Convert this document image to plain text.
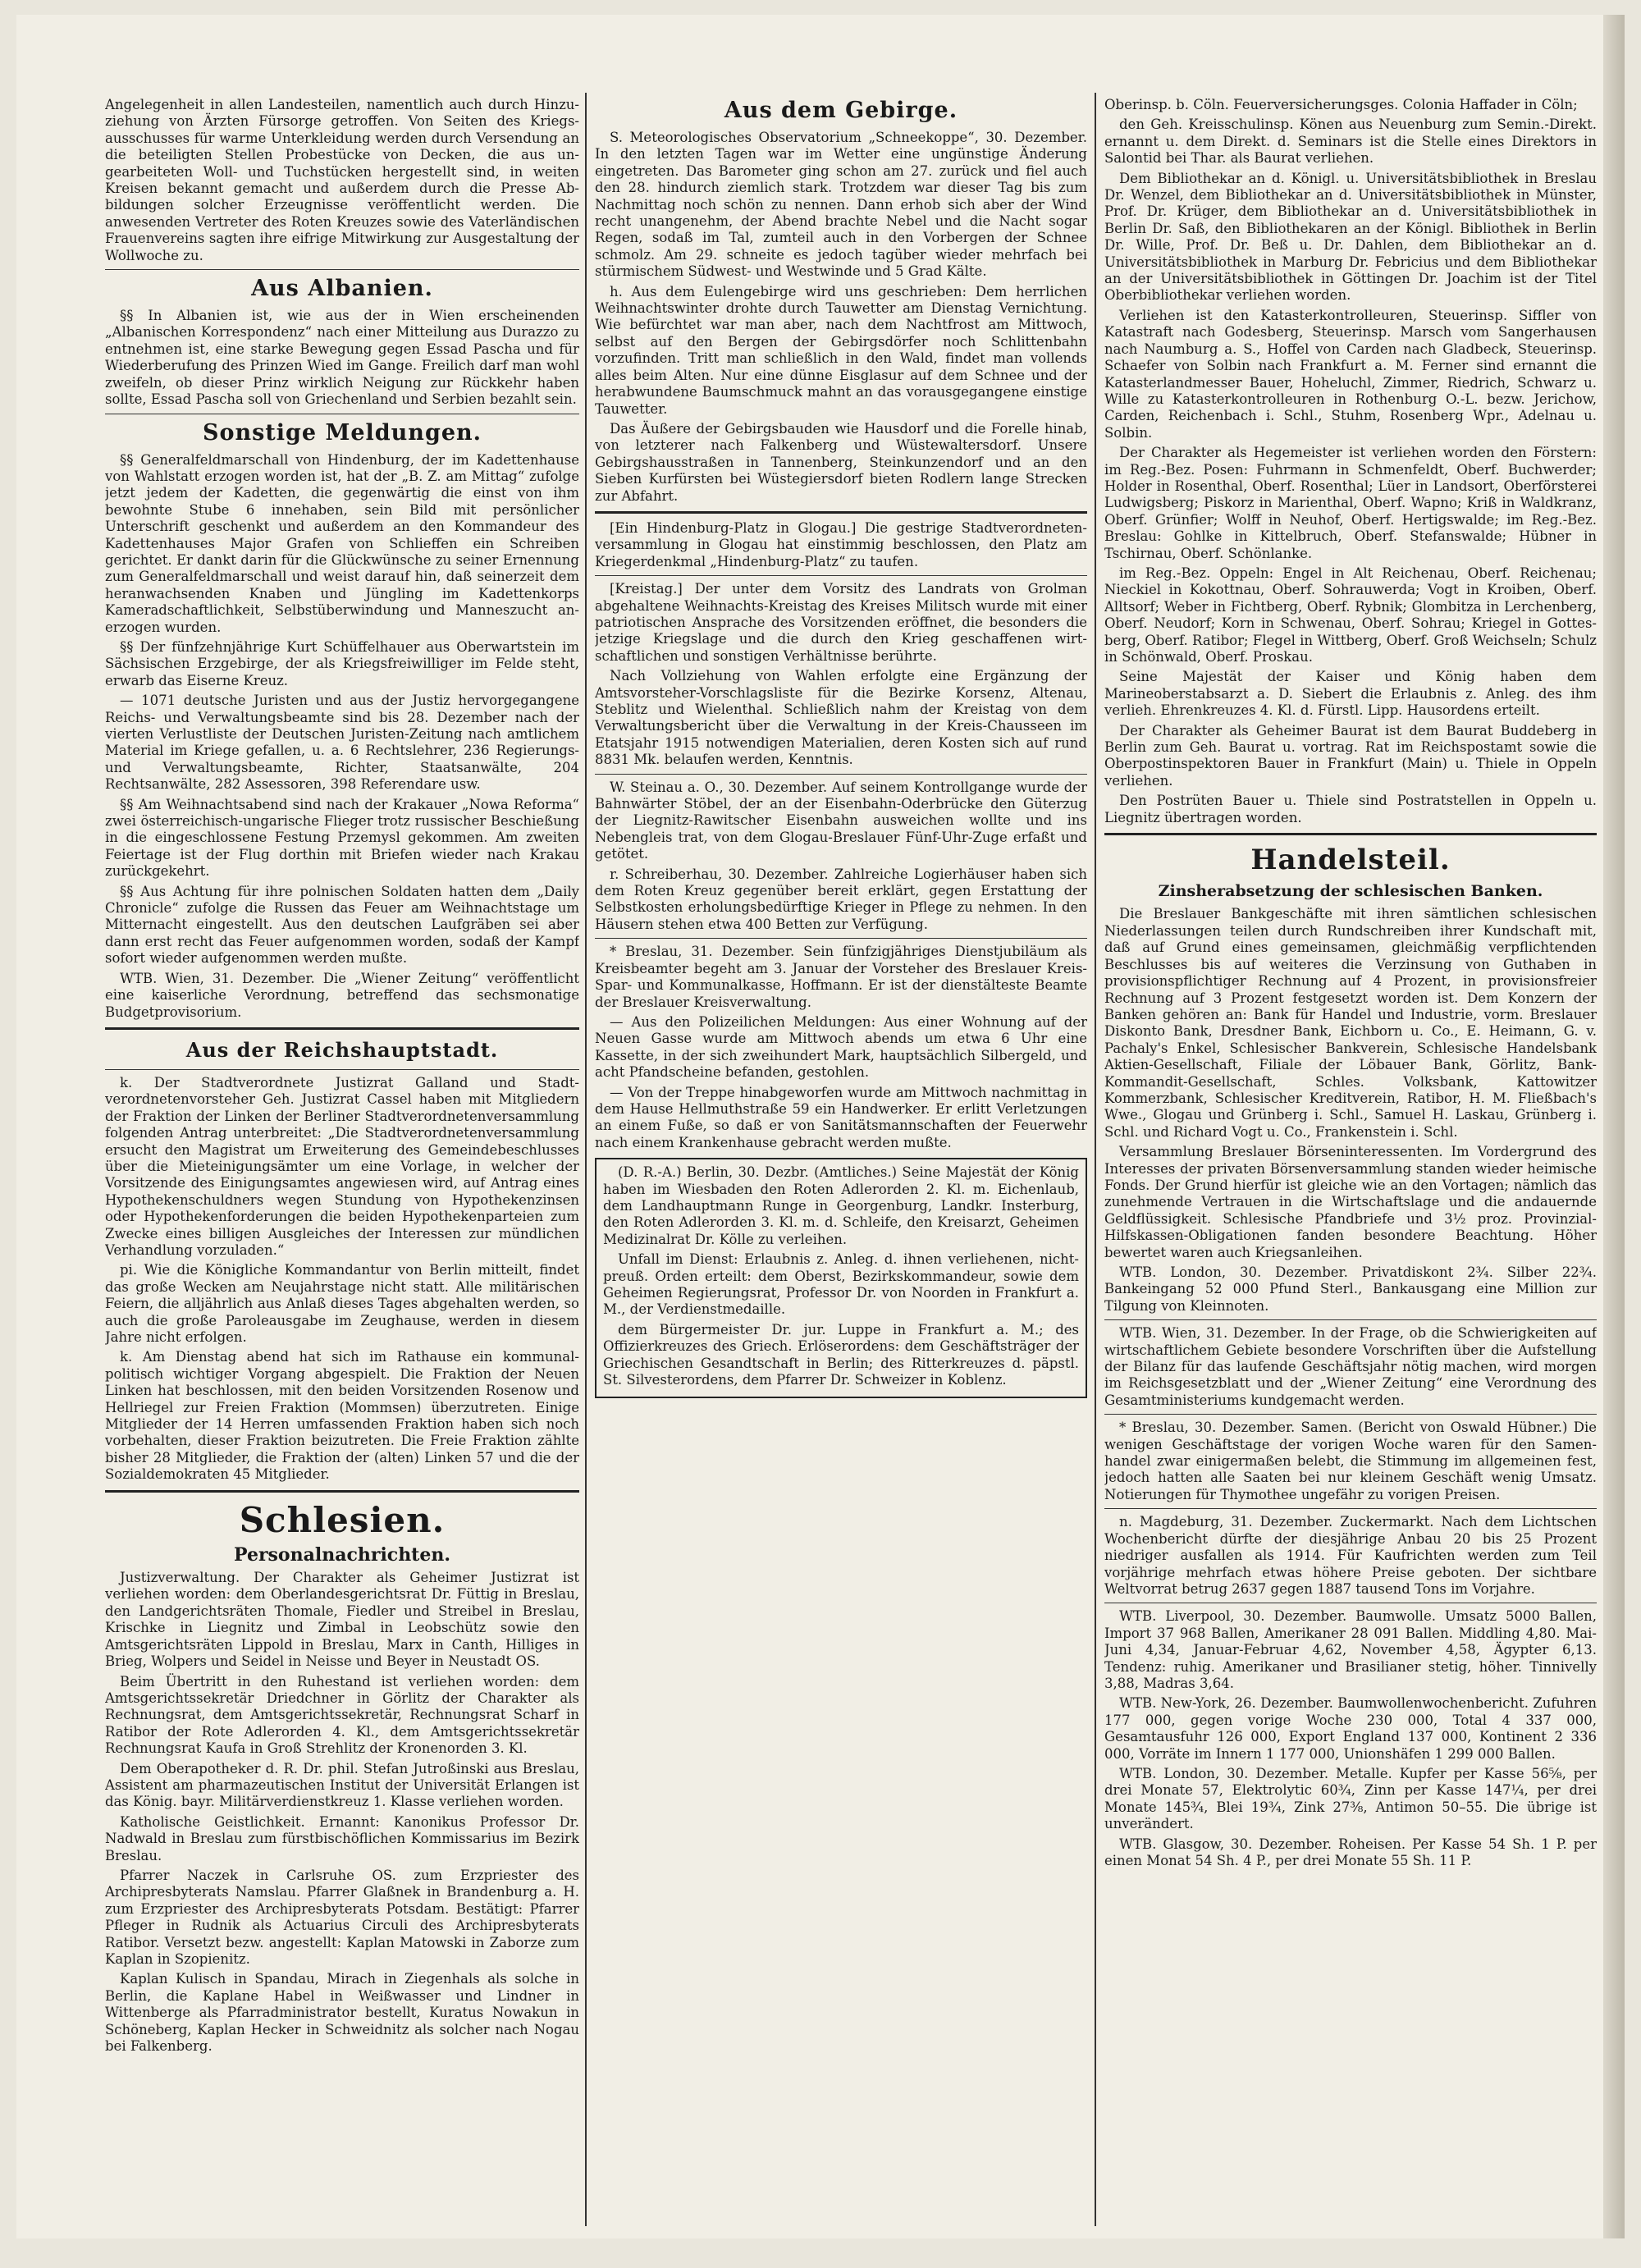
Angelegenheit in allen Landesteilen, namentlich auch durch Hinzuziehung von Ärzten Fürsorge getroffen. Von Seiten des Kriegsausschusses für warme Unterkleidung werden durch Versendung an die beteiligten Stellen Probestücke von Decken, die aus ungearbeiteten Woll- und Tuchstücken hergestellt sind, in weiten Kreisen bekannt gemacht und außerdem durch die Presse Abbildungen solcher Erzeugnisse veröffentlicht werden. Die anwesenden Vertreter des Roten Kreuzes sowie des Vaterländischen Frauenvereins sagten ihre eifrige Mitwirkung zur Ausgestaltung der Wollwoche zu.

Aus Albanien.

§§ In Albanien ist, wie aus der in Wien erscheinenden „Albanischen Korrespondenz“ nach einer Mitteilung aus Durazzo zu entnehmen ist, eine starke Bewegung gegen Essad Pascha und für Wiederberufung des Prinzen Wied im Gange. Freilich darf man wohl zweifeln, ob dieser Prinz wirklich Neigung zur Rückkehr haben sollte, Essad Pascha soll von Griechenland und Serbien bezahlt sein.

Sonstige Meldungen.

§§ Generalfeldmarschall von Hindenburg, der im Kadettenhause von Wahlstatt erzogen worden ist, hat der „B. Z. am Mittag“ zufolge jetzt jedem der Kadetten, die gegenwärtig die einst von ihm bewohnte Stube 6 innehaben, sein Bild mit persönlicher Unterschrift geschenkt und außerdem an den Kommandeur des Kadettenhauses Major Grafen von Schlieffen ein Schreiben gerichtet. Er dankt darin für die Glückwünsche zu seiner Ernennung zum Generalfeldmarschall und weist darauf hin, daß seinerzeit dem heranwachsenden Knaben und Jüngling im Kadettenkorps Kameradschaftlichkeit, Selbstüberwindung und Manneszucht anerzogen wurden.

§§ Der fünfzehnjährige Kurt Schüffelhauer aus Oberwartstein im Sächsischen Erzgebirge, der als Kriegsfreiwilliger im Felde steht, erwarb das Eiserne Kreuz.

— 1071 deutsche Juristen und aus der Justiz hervorgegangene Reichs- und Verwaltungsbeamte sind bis 28. Dezember nach der vierten Verlustliste der Deutschen Juristen-Zeitung nach amtlichem Material im Kriege gefallen, u. a. 6 Rechtslehrer, 236 Regierungs- und Verwaltungsbeamte, Richter, Staatsanwälte, 204 Rechtsanwälte, 282 Assessoren, 398 Referendare usw.

§§ Am Weihnachtsabend sind nach der Krakauer „Nowa Reforma“ zwei österreichisch-ungarische Flieger trotz russischer Beschießung in die eingeschlossene Festung Przemysl gekommen. Am zweiten Feiertage ist der Flug dorthin mit Briefen wieder nach Krakau zurückgekehrt.

§§ Aus Achtung für ihre polnischen Soldaten hatten dem „Daily Chronicle“ zufolge die Russen das Feuer am Weihnachtstage um Mitternacht eingestellt. Aus den deutschen Laufgräben sei aber dann erst recht das Feuer aufgenommen worden, sodaß der Kampf sofort wieder aufgenommen werden mußte.

WTB. Wien, 31. Dezember. Die „Wiener Zeitung“ veröffentlicht eine kaiserliche Verordnung, betreffend das sechsmonatige Budgetprovisorium.

Aus der Reichshauptstadt.

k. Der Stadtverordnete Justizrat Galland und Stadtverordnetenvorsteher Geh. Justizrat Cassel haben mit Mitgliedern der Fraktion der Linken der Berliner Stadtverordnetenversammlung folgenden Antrag unterbreitet: „Die Stadtverordnetenversammlung ersucht den Magistrat um Erweiterung des Gemeindebeschlusses über die Mieteinigungsämter um eine Vorlage, in welcher der Vorsitzende des Einigungsamtes angewiesen wird, auf Antrag eines Hypothekenschuldners wegen Stundung von Hypothekenzinsen oder Hypothekenforderungen die beiden Hypothekenparteien zum Zwecke eines billigen Ausgleiches der Interessen zur mündlichen Verhandlung vorzuladen.“

pi. Wie die Königliche Kommandantur von Berlin mitteilt, findet das große Wecken am Neujahrstage nicht statt. Alle militärischen Feiern, die alljährlich aus Anlaß dieses Tages abgehalten werden, so auch die große Paroleausgabe im Zeughause, werden in diesem Jahre nicht erfolgen.

k. Am Dienstag abend hat sich im Rathause ein kommunalpolitisch wichtiger Vorgang abgespielt. Die Fraktion der Neuen Linken hat beschlossen, mit den beiden Vorsitzenden Rosenow und Hellriegel zur Freien Fraktion (Mommsen) überzutreten. Einige Mitglieder der 14 Herren umfassenden Fraktion haben sich noch vorbehalten, dieser Fraktion beizutreten. Die Freie Fraktion zählte bisher 28 Mitglieder, die Fraktion der (alten) Linken 57 und die der Sozialdemokraten 45 Mitglieder.

Schlesien.
Personalnachrichten.

Justizverwaltung. Der Charakter als Geheimer Justizrat ist verliehen worden: dem Oberlandesgerichtsrat Dr. Füttig in Breslau, den Landgerichtsräten Thomale, Fiedler und Streibel in Breslau, Krischke in Liegnitz und Zimbal in Leobschütz sowie den Amtsgerichtsräten Lippold in Breslau, Marx in Canth, Hilliges in Brieg, Wolpers und Seidel in Neisse und Beyer in Neustadt OS.

Beim Übertritt in den Ruhestand ist verliehen worden: dem Amtsgerichtssekretär Driedchner in Görlitz der Charakter als Rechnungsrat, dem Amtsgerichtssekretär, Rechnungsrat Scharf in Ratibor der Rote Adlerorden 4. Kl., dem Amtsgerichtssekretär Rechnungsrat Kaufa in Groß Strehlitz der Kronenorden 3. Kl.

Dem Oberapotheker d. R. Dr. phil. Stefan Jutroßinski aus Breslau, Assistent am pharmazeutischen Institut der Universität Erlangen ist das König. bayr. Militärverdienstkreuz 1. Klasse verliehen worden.

Katholische Geistlichkeit. Ernannt: Kanonikus Professor Dr. Nadwald in Breslau zum fürstbischöflichen Kommissarius im Bezirk Breslau.

Pfarrer Naczek in Carlsruhe OS. zum Erzpriester des Archipresbyterats Namslau. Pfarrer Glaßnek in Brandenburg a. H. zum Erzpriester des Archipresbyterats Potsdam. Bestätigt: Pfarrer Pfleger in Rudnik als Actuarius Circuli des Archipresbyterats Ratibor. Versetzt bezw. angestellt: Kaplan Matowski in Zaborze zum Kaplan in Szopienitz.

Kaplan Kulisch in Spandau, Mirach in Ziegenhals als solche in Berlin, die Kaplane Habel in Weißwasser und Lindner in Wittenberge als Pfarradministrator bestellt, Kuratus Nowakun in Schöneberg, Kaplan Hecker in Schweidnitz als solcher nach Nogau bei Falkenberg.

Aus dem Gebirge.

S. Meteorologisches Observatorium „Schneekoppe“, 30. Dezember. In den letzten Tagen war im Wetter eine ungünstige Änderung eingetreten. Das Barometer ging schon am 27. zurück und fiel auch den 28. hindurch ziemlich stark. Trotzdem war dieser Tag bis zum Nachmittag noch schön zu nennen. Dann erhob sich aber der Wind recht unangenehm, der Abend brachte Nebel und die Nacht sogar Regen, sodaß im Tal, zumteil auch in den Vorbergen der Schnee schmolz. Am 29. schneite es jedoch tagüber wieder mehrfach bei stürmischem Südwest- und Westwinde und 5 Grad Kälte.

h. Aus dem Eulengebirge wird uns geschrieben: Dem herrlichen Weihnachtswinter drohte durch Tauwetter am Dienstag Vernichtung. Wie befürchtet war man aber, nach dem Nachtfrost am Mittwoch, selbst auf den Bergen der Gebirgsdörfer noch Schlittenbahn vorzufinden. Tritt man schließlich in den Wald, findet man vollends alles beim Alten. Nur eine dünne Eisglasur auf dem Schnee und der herabwundene Baumschmuck mahnt an das vorausgegangene einstige Tauwetter.

Das Äußere der Gebirgsbauden wie Hausdorf und die Forelle hinab, von letzterer nach Falkenberg und Wüstewaltersdorf. Unsere Gebirgshausstraßen in Tannenberg, Steinkunzendorf und an den Sieben Kurfürsten bei Wüstegiersdorf bieten Rodlern lange Strecken zur Abfahrt.

[Ein Hindenburg-Platz in Glogau.] Die gestrige Stadtverordnetenversammlung in Glogau hat einstimmig beschlossen, den Platz am Kriegerdenkmal „Hindenburg-Platz“ zu taufen.

[Kreistag.] Der unter dem Vorsitz des Landrats von Grolman abgehaltene Weihnachts-Kreistag des Kreises Militsch wurde mit einer patriotischen Ansprache des Vorsitzenden eröffnet, die besonders die jetzige Kriegslage und die durch den Krieg geschaffenen wirtschaftlichen und sonstigen Verhältnisse berührte.

Nach Vollziehung von Wahlen erfolgte eine Ergänzung der Amtsvorsteher-Vorschlagsliste für die Bezirke Korsenz, Altenau, Steblitz und Wielenthal. Schließlich nahm der Kreistag von dem Verwaltungsbericht über die Verwaltung in der Kreis-Chausseen im Etatsjahr 1915 notwendigen Materialien, deren Kosten sich auf rund 8831 Mk. belaufen werden, Kenntnis.

W. Steinau a. O., 30. Dezember. Auf seinem Kontrollgange wurde der Bahnwärter Stöbel, der an der Eisenbahn-Oderbrücke den Güterzug der Liegnitz-Rawitscher Eisenbahn ausweichen wollte und ins Nebengleis trat, von dem Glogau-Breslauer Fünf-Uhr-Zuge erfaßt und getötet.

r. Schreiberhau, 30. Dezember. Zahlreiche Logierhäuser haben sich dem Roten Kreuz gegenüber bereit erklärt, gegen Erstattung der Selbstkosten erholungsbedürftige Krieger in Pflege zu nehmen. In den Häusern stehen etwa 400 Betten zur Verfügung.

* Breslau, 31. Dezember. Sein fünfzigjähriges Dienstjubiläum als Kreisbeamter begeht am 3. Januar der Vorsteher des Breslauer Kreis-Spar- und Kommunalkasse, Hoffmann. Er ist der dienstälteste Beamte der Breslauer Kreisverwaltung.

— Aus den Polizeilichen Meldungen: Aus einer Wohnung auf der Neuen Gasse wurde am Mittwoch abends um etwa 6 Uhr eine Kassette, in der sich zweihundert Mark, hauptsächlich Silbergeld, und acht Pfandscheine befanden, gestohlen.

— Von der Treppe hinabgeworfen wurde am Mittwoch nachmittag in dem Hause Hellmuthstraße 59 ein Handwerker. Er erlitt Verletzungen an einem Fuße, so daß er von Sanitätsmannschaften der Feuerwehr nach einem Krankenhause gebracht werden mußte.

(D. R.-A.) Berlin, 30. Dezbr. (Amtliches.) Seine Majestät der König haben im Wiesbaden den Roten Adlerorden 2. Kl. m. Eichenlaub, dem Landhauptmann Runge in Georgenburg, Landkr. Insterburg, den Roten Adlerorden 3. Kl. m. d. Schleife, den Kreisarzt, Geheimen Medizinalrat Dr. Kölle zu verleihen.

Unfall im Dienst: Erlaubnis z. Anleg. d. ihnen verliehenen, nichtpreuß. Orden erteilt: dem Oberst, Bezirkskommandeur, sowie dem Geheimen Regierungsrat, Professor Dr. von Noorden in Frankfurt a. M., der Verdienstmedaille.

dem Bürgermeister Dr. jur. Luppe in Frankfurt a. M.; des Offizierkreuzes des Griech. Erlöserordens: dem Geschäftsträger der Griechischen Gesandtschaft in Berlin; des Ritterkreuzes d. päpstl. St. Silvesterordens, dem Pfarrer Dr. Schweizer in Koblenz.

Oberinsp. b. Cöln. Feuerversicherungsges. Colonia Haffader in Cöln;

den Geh. Kreisschulinsp. Könen aus Neuenburg zum Semin.-Direkt. ernannt u. dem Direkt. d. Seminars ist die Stelle eines Direktors in Salontid bei Thar. als Baurat verliehen.

Dem Bibliothekar an d. Königl. u. Universitätsbibliothek in Breslau Dr. Wenzel, dem Bibliothekar an d. Universitätsbibliothek in Münster, Prof. Dr. Krüger, dem Bibliothekar an d. Universitätsbibliothek in Berlin Dr. Saß, den Bibliothekaren an der Königl. Bibliothek in Berlin Dr. Wille, Prof. Dr. Beß u. Dr. Dahlen, dem Bibliothekar an d. Universitätsbibliothek in Marburg Dr. Febricius und dem Bibliothekar an der Universitätsbibliothek in Göttingen Dr. Joachim ist der Titel Oberbibliothekar verliehen worden.

Verliehen ist den Katasterkontrolleuren, Steuerinsp. Siffler von Katastraft nach Godesberg, Steuerinsp. Marsch vom Sangerhausen nach Naumburg a. S., Hoffel von Carden nach Gladbeck, Steuerinsp. Schaefer von Solbin nach Frankfurt a. M. Ferner sind ernannt die Katasterlandmesser Bauer, Hoheluchl, Zimmer, Riedrich, Schwarz u. Wille zu Katasterkontrolleuren in Rothenburg O.-L. bezw. Jerichow, Carden, Reichenbach i. Schl., Stuhm, Rosenberg Wpr., Adelnau u. Solbin.

Der Charakter als Hegemeister ist verliehen worden den Förstern: im Reg.-Bez. Posen: Fuhrmann in Schmenfeldt, Oberf. Buchwerder; Holder in Rosenthal, Oberf. Rosenthal; Lüer in Landsort, Oberförsterei Ludwigsberg; Piskorz in Marienthal, Oberf. Wapno; Kriß in Waldkranz, Oberf. Grünfier; Wolff in Neuhof, Oberf. Hertigswalde; im Reg.-Bez. Breslau: Gohlke in Kittelbruch, Oberf. Stefanswalde; Hübner in Tschirnau, Oberf. Schönlanke.

im Reg.-Bez. Oppeln: Engel in Alt Reichenau, Oberf. Reichenau; Nieckiel in Kokottnau, Oberf. Sohrauwerda; Vogt in Kroiben, Oberf. Alltsorf; Weber in Fichtberg, Oberf. Rybnik; Glombitza in Lerchenberg, Oberf. Neudorf; Korn in Schwenau, Oberf. Sohrau; Kriegel in Gottesberg, Oberf. Ratibor; Flegel in Wittberg, Oberf. Groß Weichseln; Schulz in Schönwald, Oberf. Proskau.

Seine Majestät der Kaiser und König haben dem Marineoberstabsarzt a. D. Siebert die Erlaubnis z. Anleg. des ihm verlieh. Ehrenkreuzes 4. Kl. d. Fürstl. Lipp. Hausordens erteilt.

Der Charakter als Geheimer Baurat ist dem Baurat Buddeberg in Berlin zum Geh. Baurat u. vortrag. Rat im Reichspostamt sowie die Oberpostinspektoren Bauer in Frankfurt (Main) u. Thiele in Oppeln verliehen.

Den Postrüten Bauer u. Thiele sind Postratstellen in Oppeln u. Liegnitz übertragen worden.

Handelsteil.
Zinsherabsetzung der schlesischen Banken.

Die Breslauer Bankgeschäfte mit ihren sämtlichen schlesischen Niederlassungen teilen durch Rundschreiben ihrer Kundschaft mit, daß auf Grund eines gemeinsamen, gleichmäßig verpflichtenden Beschlusses bis auf weiteres die Verzinsung von Guthaben in provisionspflichtiger Rechnung auf 4 Prozent, in provisionsfreier Rechnung auf 3 Prozent festgesetzt worden ist. Dem Konzern der Banken gehören an: Bank für Handel und Industrie, vorm. Breslauer Diskonto Bank, Dresdner Bank, Eichborn u. Co., E. Heimann, G. v. Pachaly's Enkel, Schlesischer Bankverein, Schlesische Handelsbank Aktien-Gesellschaft, Filiale der Löbauer Bank, Görlitz, Bank-Kommandit-Gesellschaft, Schles. Volksbank, Kattowitzer Kommerzbank, Schlesischer Kreditverein, Ratibor, H. M. Fließbach's Wwe., Glogau und Grünberg i. Schl., Samuel H. Laskau, Grünberg i. Schl. und Richard Vogt u. Co., Frankenstein i. Schl.

Versammlung Breslauer Börseninteressenten. Im Vordergrund des Interesses der privaten Börsenversammlung standen wieder heimische Fonds. Der Grund hierfür ist gleiche wie an den Vortagen; nämlich das zunehmende Vertrauen in die Wirtschaftslage und die andauernde Geldflüssigkeit. Schlesische Pfandbriefe und 3½ proz. Provinzial-Hilfskassen-Obligationen fanden besondere Beachtung. Höher bewertet waren auch Kriegsanleihen.

WTB. London, 30. Dezember. Privatdiskont 2¾. Silber 22¾. Bankeingang 52 000 Pfund Sterl., Bankausgang eine Million zur Tilgung von Kleinnoten.

WTB. Wien, 31. Dezember. In der Frage, ob die Schwierigkeiten auf wirtschaftlichem Gebiete besondere Vorschriften über die Aufstellung der Bilanz für das laufende Geschäftsjahr nötig machen, wird morgen im Reichsgesetzblatt und der „Wiener Zeitung“ eine Verordnung des Gesamtministeriums kundgemacht werden.

* Breslau, 30. Dezember. Samen. (Bericht von Oswald Hübner.) Die wenigen Geschäftstage der vorigen Woche waren für den Samenhandel zwar einigermaßen belebt, die Stimmung im allgemeinen fest, jedoch hatten alle Saaten bei nur kleinem Geschäft wenig Umsatz. Notierungen für Thymothee ungefähr zu vorigen Preisen.

n. Magdeburg, 31. Dezember. Zuckermarkt. Nach dem Lichtschen Wochenbericht dürfte der diesjährige Anbau 20 bis 25 Prozent niedriger ausfallen als 1914. Für Kaufrichten werden zum Teil vorjährige mehrfach etwas höhere Preise geboten. Der sichtbare Weltvorrat betrug 2637 gegen 1887 tausend Tons im Vorjahre.

WTB. Liverpool, 30. Dezember. Baumwolle. Umsatz 5000 Ballen, Import 37 968 Ballen, Amerikaner 28 091 Ballen. Middling 4,80. Mai-Juni 4,34, Januar-Februar 4,62, November 4,58, Ägypter 6,13. Tendenz: ruhig. Amerikaner und Brasilianer stetig, höher. Tinnivelly 3,88, Madras 3,64.

WTB. New-York, 26. Dezember. Baumwollenwochenbericht. Zufuhren 177 000, gegen vorige Woche 230 000, Total 4 337 000, Gesamtausfuhr 126 000, Export England 137 000, Kontinent 2 336 000, Vorräte im Innern 1 177 000, Unionshäfen 1 299 000 Ballen.

WTB. London, 30. Dezember. Metalle. Kupfer per Kasse 56⁵⁄₈, per drei Monate 57, Elektrolytic 60¾, Zinn per Kasse 147¼, per drei Monate 145¾, Blei 19¾, Zink 27⅜, Antimon 50–55. Die übrige ist unverändert.

WTB. Glasgow, 30. Dezember. Roheisen. Per Kasse 54 Sh. 1 P. per einen Monat 54 Sh. 4 P., per drei Monate 55 Sh. 11 P.
